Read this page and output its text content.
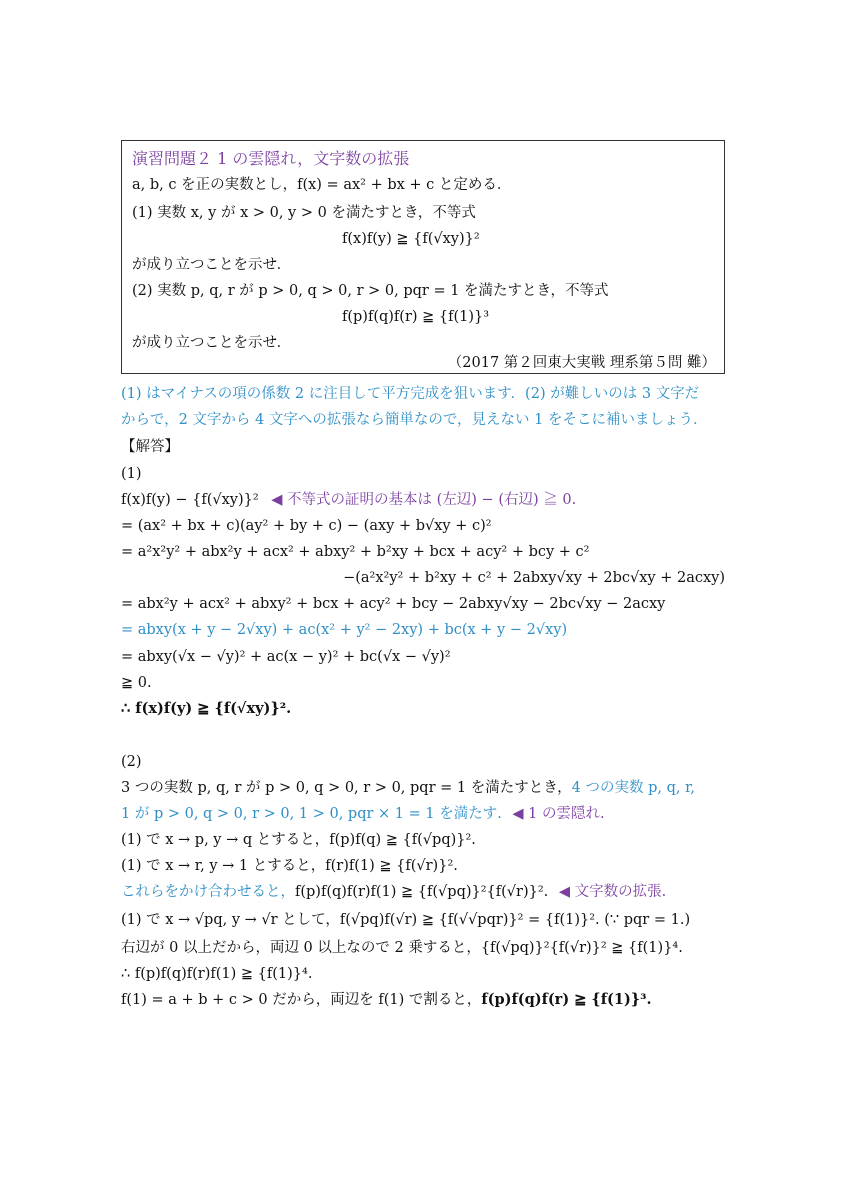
演習問題２ 1 の雲隠れ，文字数の拡張
a, b, c を正の実数とし，f(x) = ax² + bx + c と定める．
(1) 実数 x, y が x > 0, y > 0 を満たすとき，不等式
f(x)f(y) ≧ {f(√xy)}²
が成り立つことを示せ．
(2) 実数 p, q, r が p > 0, q > 0, r > 0, pqr = 1 を満たすとき，不等式
f(p)f(q)f(r) ≧ {f(1)}³
が成り立つことを示せ．
（2017 第２回東大実戦 理系第５問 難）
(1) はマイナスの項の係数 2 に注目して平方完成を狙います．(2) が難しいのは 3 文字だ
からで，2 文字から 4 文字への拡張なら簡単なので，見えない 1 をそこに補いましょう．
【解答】
(1)
f(x)f(y) − {f(√xy)}² ◀ 不等式の証明の基本は (左辺) − (右辺) ≧ 0.
= (ax² + bx + c)(ay² + by + c) − (axy + b√xy + c)²
= a²x²y² + abx²y + acx² + abxy² + b²xy + bcx + acy² + bcy + c²
−(a²x²y² + b²xy + c² + 2abxy√xy + 2bc√xy + 2acxy)
= abx²y + acx² + abxy² + bcx + acy² + bcy − 2abxy√xy − 2bc√xy − 2acxy
= abxy(x + y − 2√xy) + ac(x² + y² − 2xy) + bc(x + y − 2√xy)
= abxy(√x − √y)² + ac(x − y)² + bc(√x − √y)²
≧ 0.
∴ f(x)f(y) ≧ {f(√xy)}².
(2)
3 つの実数 p, q, r が p > 0, q > 0, r > 0, pqr = 1 を満たすとき，4 つの実数 p, q, r,
1 が p > 0, q > 0, r > 0, 1 > 0, pqr × 1 = 1 を満たす. ◀ 1 の雲隠れ.
(1) で x → p, y → q とすると，f(p)f(q) ≧ {f(√pq)}².
(1) で x → r, y → 1 とすると，f(r)f(1) ≧ {f(√r)}².
これらをかけ合わせると，f(p)f(q)f(r)f(1) ≧ {f(√pq)}²{f(√r)}². ◀ 文字数の拡張.
(1) で x → √pq, y → √r として，f(√pq)f(√r) ≧ {f(√√pqr)}² = {f(1)}². (∵ pqr = 1.)
右辺が 0 以上だから，両辺 0 以上なので 2 乗すると，{f(√pq)}²{f(√r)}² ≧ {f(1)}⁴.
∴ f(p)f(q)f(r)f(1) ≧ {f(1)}⁴.
f(1) = a + b + c > 0 だから，両辺を f(1) で割ると，f(p)f(q)f(r) ≧ {f(1)}³.
